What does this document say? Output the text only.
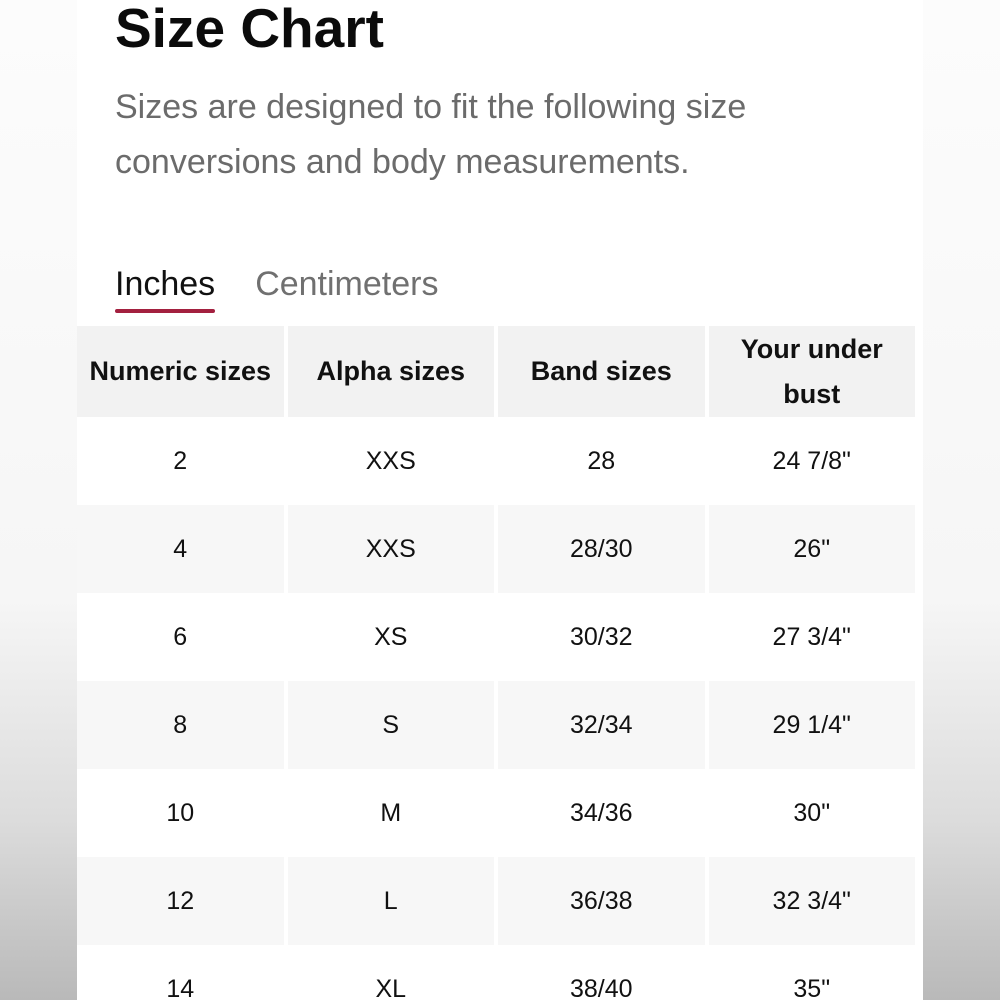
Size Chart

Sizes are designed to fit the following size conversions and body measurements.

Inches Centimeters
Numeric sizes	Alpha sizes	Band sizes	Your under bust
2	XXS	28	24 7/8"
4	XXS	28/30	26"
6	XS	30/32	27 3/4"
8	S	32/34	29 1/4"
10	M	34/36	30"
12	L	36/38	32 3/4"
14	XL	38/40	35"
